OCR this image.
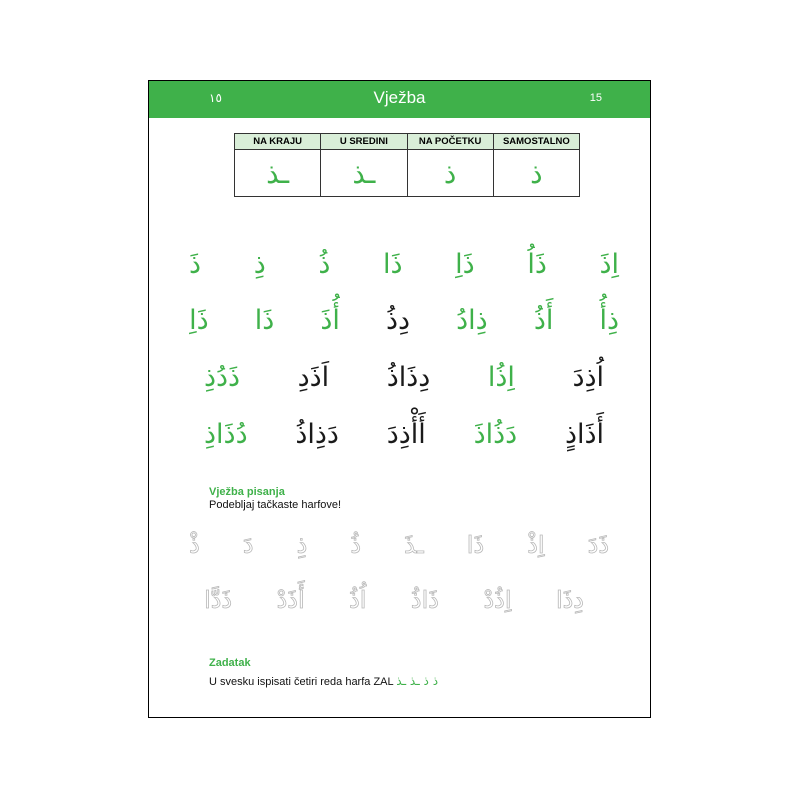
١٥	Vježba	15
NA KRAJU	U SREDINI	NA POČETKU	SAMOSTALNO
ـذ	ـذ	ذ	ذ
ذَ ذِ ذُ ذَا ذَاِ ذَاُ اِذَ
ذَاِ ذَا أُذَ دِذُ ذِادُ أَذُ ذِأُ
ذَدُذِ اَذَدِ دِذَاذُ اِذُا اُذِدَ
دُذَاذِ دَذِاذُ أَأْذِدَ دَذُاذَ أَذَاذٍ
Vježba pisanja
Podebljaj tačkaste harfove!
ذْ دَ ذِ ذُ ـذَ ذَا اِذْ ذَدَ
ذَدَّا أَذَدْ اُذُ ذَاذُ اِذُدْ دِذَا
Zadatak
U svesku ispisati četiri reda harfa ZAL ذ ذ ـذ ـذ
